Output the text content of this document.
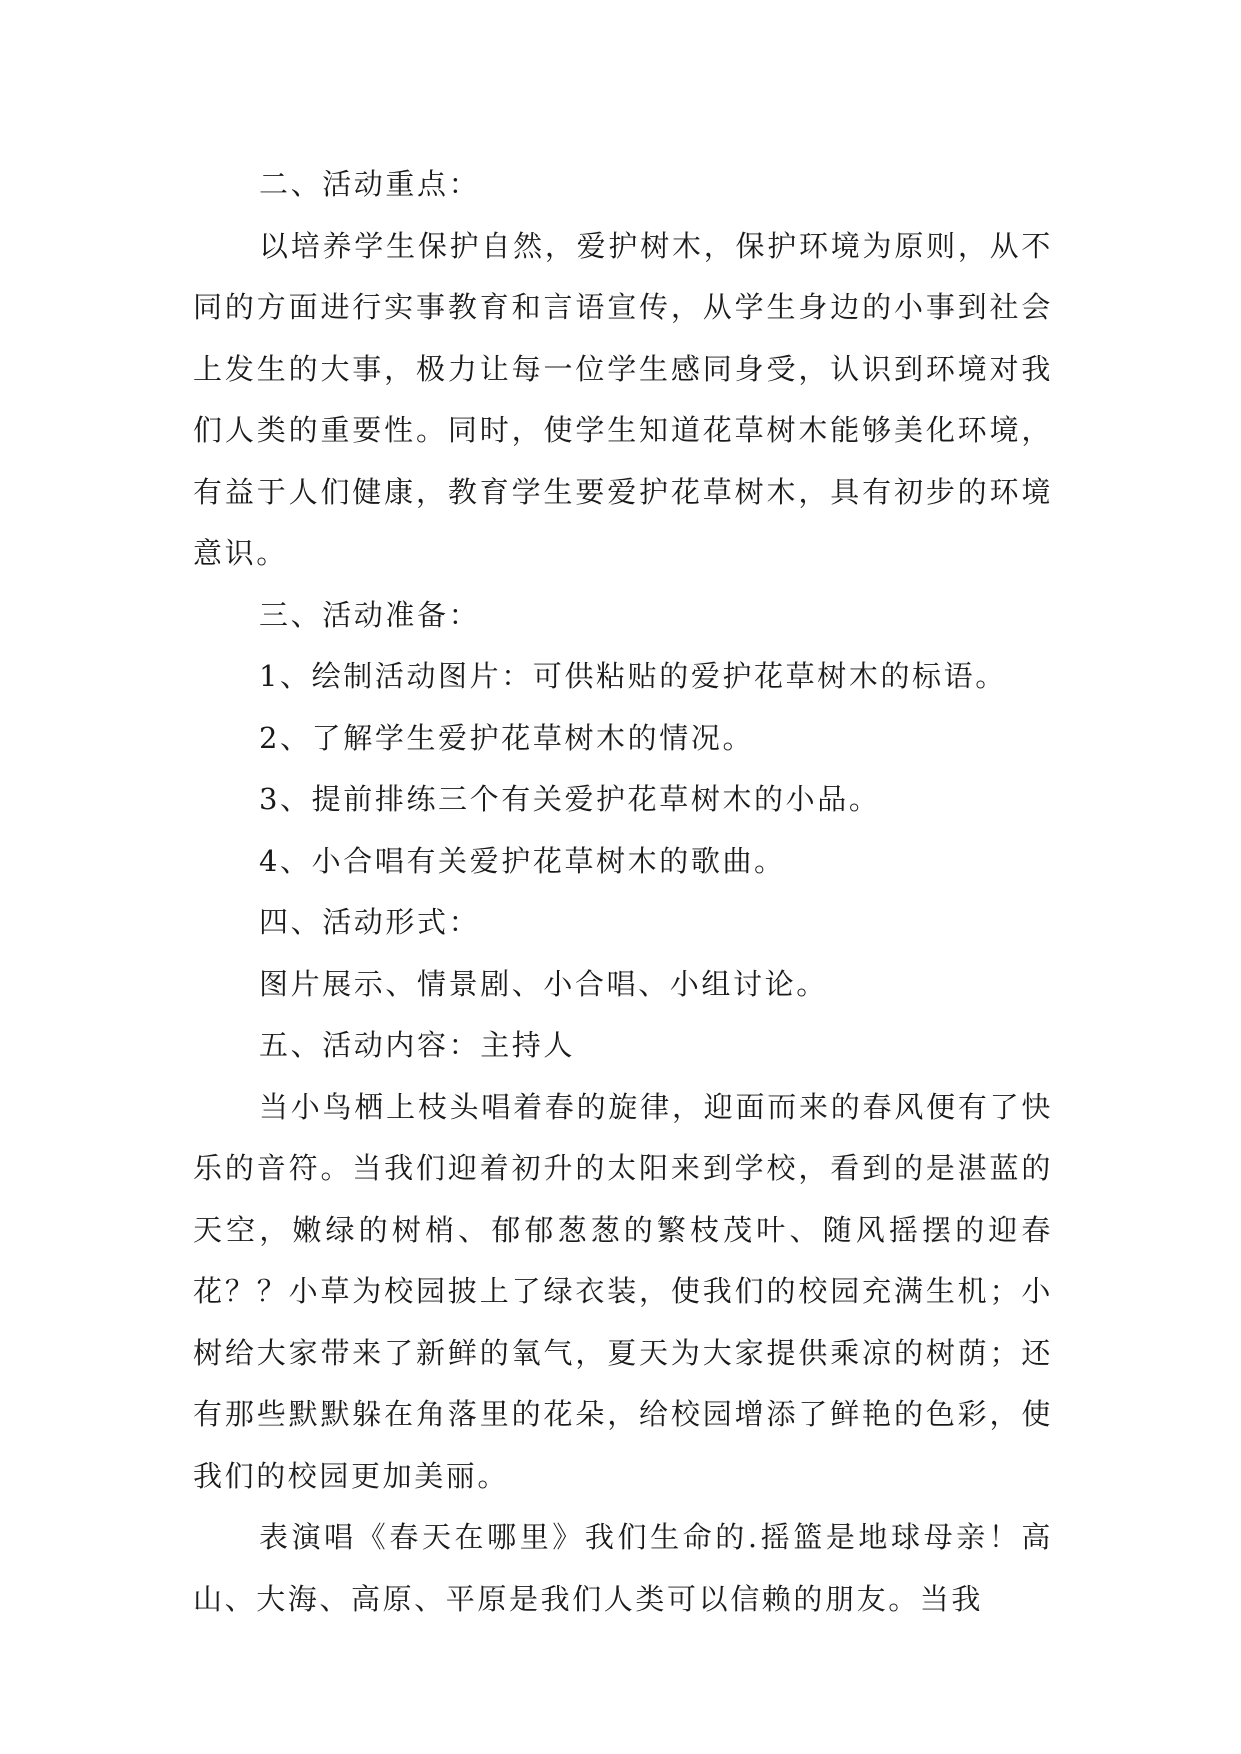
二、活动重点：

以培养学生保护自然，爱护树木，保护环境为原则，从不同的方面进行实事教育和言语宣传，从学生身边的小事到社会上发生的大事，极力让每一位学生感同身受，认识到环境对我们人类的重要性。同时，使学生知道花草树木能够美化环境，有益于人们健康，教育学生要爱护花草树木，具有初步的环境意识。

三、活动准备：

1、绘制活动图片：可供粘贴的爱护花草树木的标语。

2、了解学生爱护花草树木的情况。

3、提前排练三个有关爱护花草树木的小品。

4、小合唱有关爱护花草树木的歌曲。

四、活动形式：

图片展示、情景剧、小合唱、小组讨论。

五、活动内容：主持人

当小鸟栖上枝头唱着春的旋律，迎面而来的春风便有了快乐的音符。当我们迎着初升的太阳来到学校，看到的是湛蓝的天空，嫩绿的树梢、郁郁葱葱的繁枝茂叶、随风摇摆的迎春花？？小草为校园披上了绿衣装，使我们的校园充满生机；小树给大家带来了新鲜的氧气，夏天为大家提供乘凉的树荫；还有那些默默躲在角落里的花朵，给校园增添了鲜艳的色彩，使我们的校园更加美丽。

表演唱《春天在哪里》我们生命的.摇篮是地球母亲！高山、大海、高原、平原是我们人类可以信赖的朋友。当我
